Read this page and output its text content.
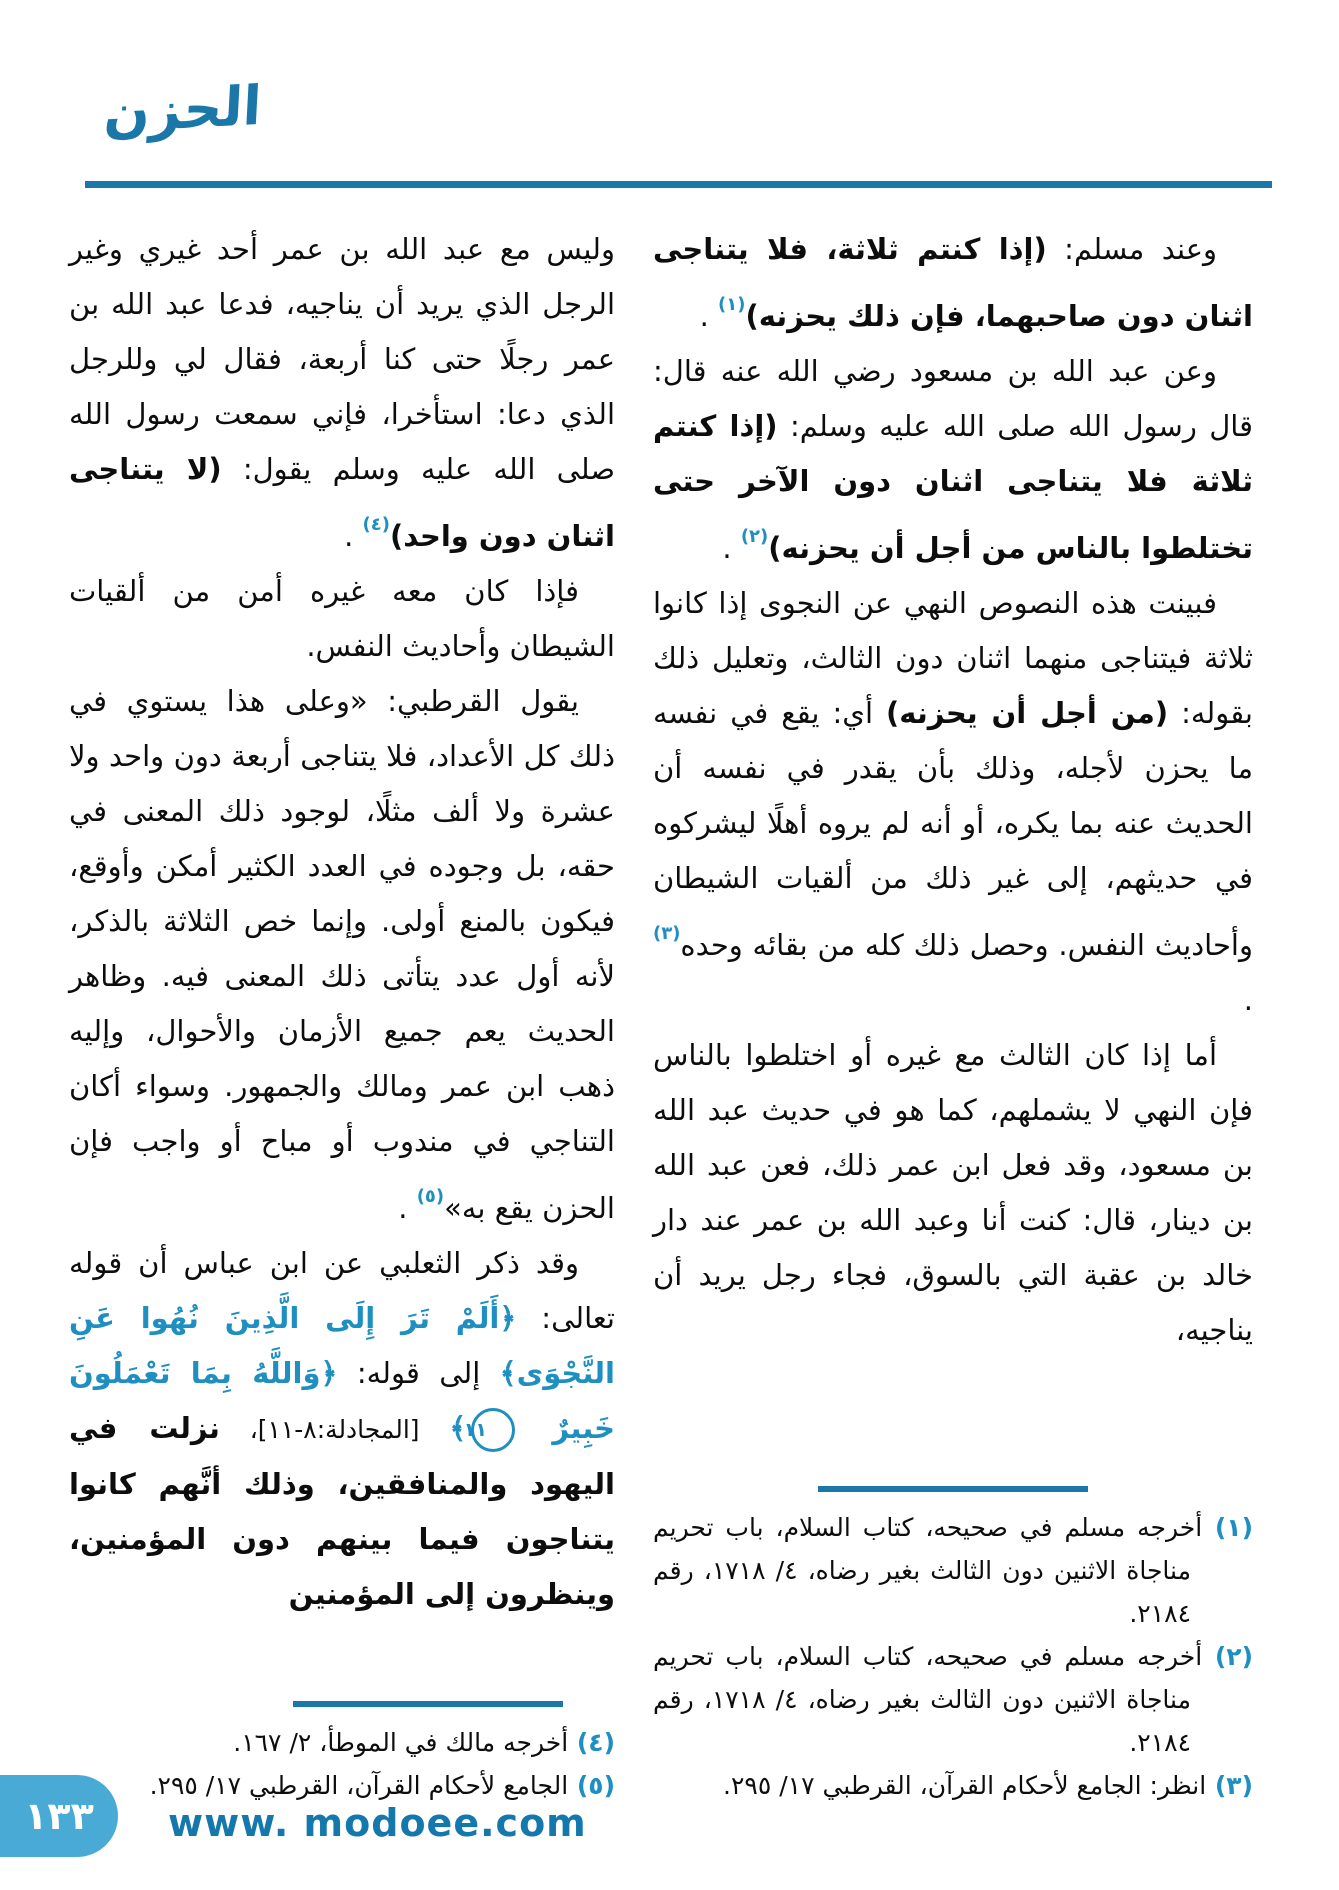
الحزن

وعند مسلم: (إذا كنتم ثلاثة، فلا يتناجى اثنان دون صاحبهما، فإن ذلك يحزنه)$^{(١)}$ .

وعن عبد الله بن مسعود رضي الله عنه قال: قال رسول الله صلى الله عليه وسلم: (إذا كنتم ثلاثة فلا يتناجى اثنان دون الآخر حتى تختلطوا بالناس من أجل أن يحزنه)$^{(٢)}$ .

فبينت هذه النصوص النهي عن النجوى إذا كانوا ثلاثة فيتناجى منهما اثنان دون الثالث، وتعليل ذلك بقوله: (من أجل أن يحزنه) أي: يقع في نفسه ما يحزن لأجله، وذلك بأن يقدر في نفسه أن الحديث عنه بما يكره، أو أنه لم يروه أهلًا ليشركوه في حديثهم، إلى غير ذلك من ألقيات الشيطان وأحاديث النفس. وحصل ذلك كله من بقائه وحده$^{(٣)}$ .

أما إذا كان الثالث مع غيره أو اختلطوا بالناس فإن النهي لا يشملهم، كما هو في حديث عبد الله بن مسعود، وقد فعل ابن عمر ذلك، فعن عبد الله بن دينار، قال: كنت أنا وعبد الله بن عمر عند دار خالد بن عقبة التي بالسوق، فجاء رجل يريد أن يناجيه،

(١) أخرجه مسلم في صحيحه، كتاب السلام، باب تحريم مناجاة الاثنين دون الثالث بغير رضاه، ٤/ ١٧١٨، رقم ٢١٨٤.
(٢) أخرجه مسلم في صحيحه، كتاب السلام، باب تحريم مناجاة الاثنين دون الثالث بغير رضاه، ٤/ ١٧١٨، رقم ٢١٨٤.
(٣) انظر: الجامع لأحكام القرآن، القرطبي ١٧/ ٢٩٥.

وليس مع عبد الله بن عمر أحد غيري وغير الرجل الذي يريد أن يناجيه، فدعا عبد الله بن عمر رجلًا حتى كنا أربعة، فقال لي وللرجل الذي دعا: استأخرا، فإني سمعت رسول الله صلى الله عليه وسلم يقول: (لا يتناجى اثنان دون واحد)$^{(٤)}$ .

فإذا كان معه غيره أمن من ألقيات الشيطان وأحاديث النفس.

يقول القرطبي: «وعلى هذا يستوي في ذلك كل الأعداد، فلا يتناجى أربعة دون واحد ولا عشرة ولا ألف مثلًا، لوجود ذلك المعنى في حقه، بل وجوده في العدد الكثير أمكن وأوقع، فيكون بالمنع أولى. وإنما خص الثلاثة بالذكر، لأنه أول عدد يتأتى ذلك المعنى فيه. وظاهر الحديث يعم جميع الأزمان والأحوال، وإليه ذهب ابن عمر ومالك والجمهور. وسواء أكان التناجي في مندوب أو مباح أو واجب فإن الحزن يقع به»$^{(٥)}$ .

وقد ذكر الثعلبي عن ابن عباس أن قوله تعالى: ﴿أَلَمْ تَرَ إِلَى الَّذِينَ نُهُوا عَنِ النَّجْوَى﴾ إلى قوله: ﴿وَاللَّهُ بِمَا تَعْمَلُونَ خَبِيرٌ ١١﴾ [المجادلة:٨-١١]، نزلت في اليهود والمنافقين، وذلك أنَّهم كانوا يتناجون فيما بينهم دون المؤمنين، وينظرون إلى المؤمنين

(٤) أخرجه مالك في الموطأ، ٢/ ١٦٧.
(٥) الجامع لأحكام القرآن، القرطبي ١٧/ ٢٩٥.
١٣٣ www. modoee.com
